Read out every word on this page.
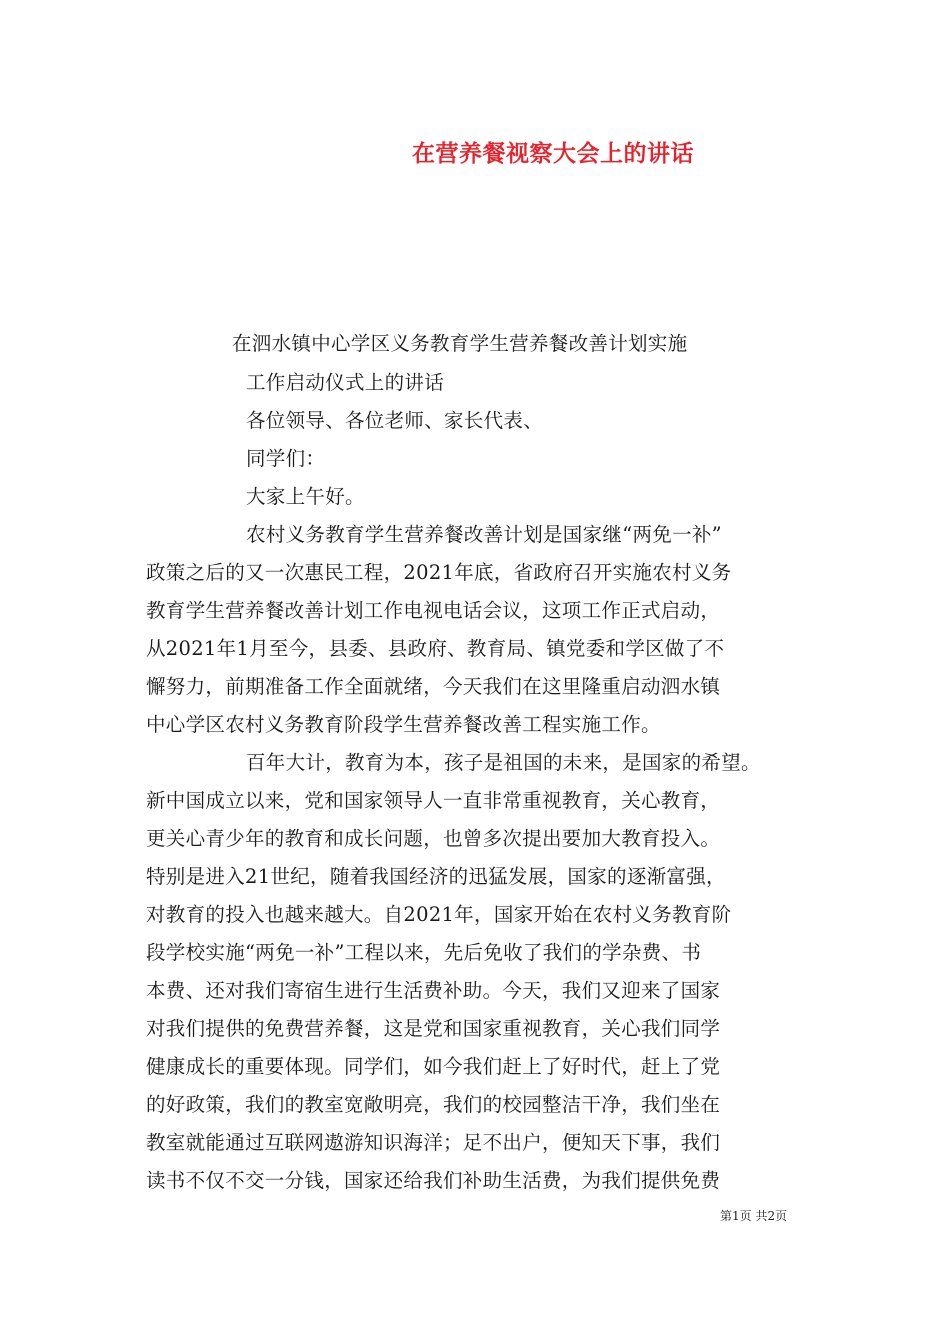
在营养餐视察大会上的讲话
在泗水镇中心学区义务教育学生营养餐改善计划实施
工作启动仪式上的讲话
各位领导、各位老师、家长代表、
同学们：
大家上午好。
农村义务教育学生营养餐改善计划是国家继“两免一补”
政策之后的又一次惠民工程，2021年底，省政府召开实施农村义务
教育学生营养餐改善计划工作电视电话会议，这项工作正式启动，
从2021年1月至今，县委、县政府、教育局、镇党委和学区做了不
懈努力，前期准备工作全面就绪，今天我们在这里隆重启动泗水镇
中心学区农村义务教育阶段学生营养餐改善工程实施工作。
百年大计，教育为本，孩子是祖国的未来，是国家的希望。
新中国成立以来，党和国家领导人一直非常重视教育，关心教育，
更关心青少年的教育和成长问题，也曾多次提出要加大教育投入。
特别是进入21世纪，随着我国经济的迅猛发展，国家的逐渐富强，
对教育的投入也越来越大。自2021年，国家开始在农村义务教育阶
段学校实施“两免一补”工程以来，先后免收了我们的学杂费、书
本费、还对我们寄宿生进行生活费补助。今天，我们又迎来了国家
对我们提供的免费营养餐，这是党和国家重视教育，关心我们同学
健康成长的重要体现。同学们，如今我们赶上了好时代，赶上了党
的好政策，我们的教室宽敞明亮，我们的校园整洁干净，我们坐在
教室就能通过互联网遨游知识海洋；足不出户，便知天下事，我们
读书不仅不交一分钱，国家还给我们补助生活费，为我们提供免费
第1页 共2页
